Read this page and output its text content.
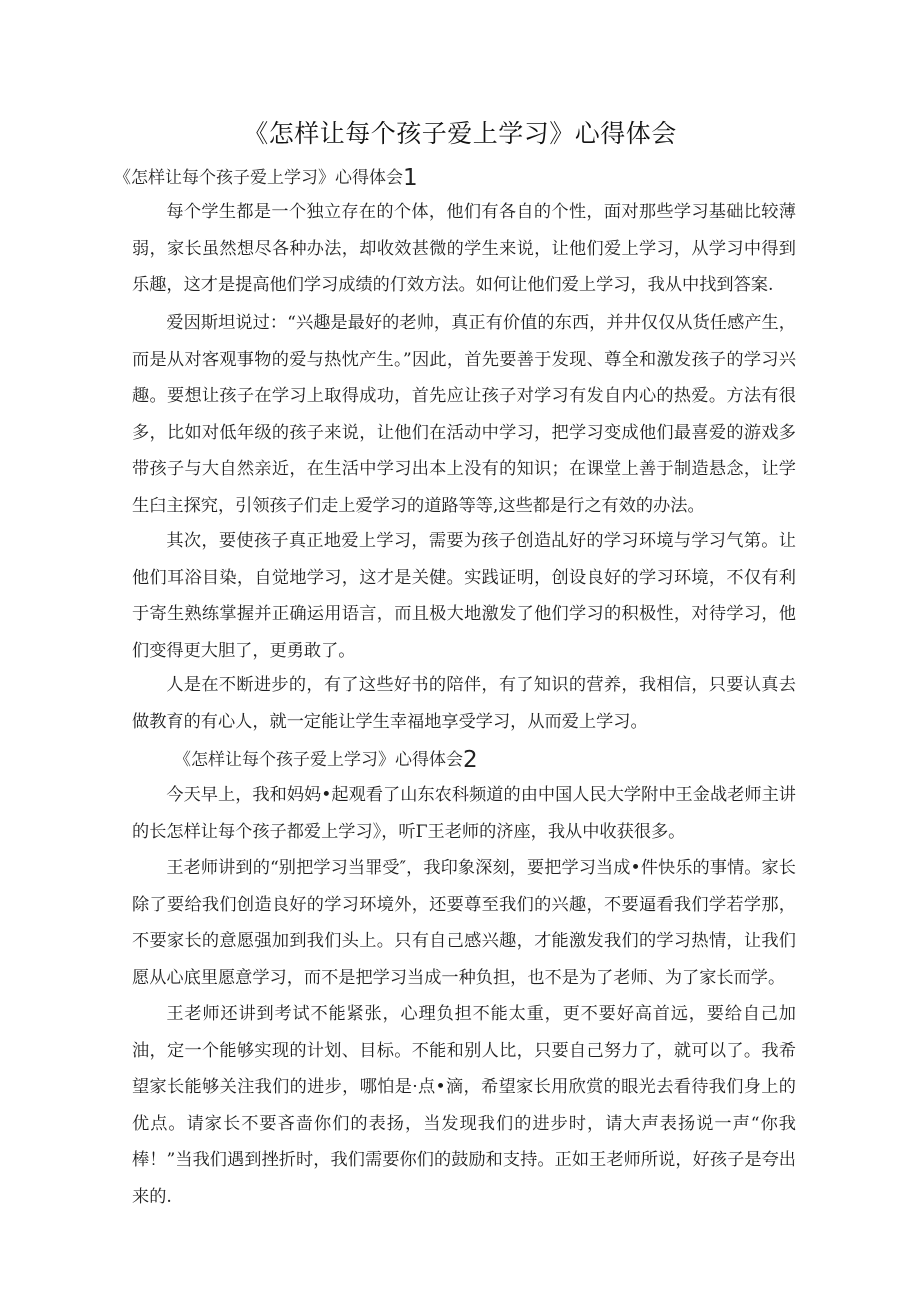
《怎样让每个孩子爱上学习》心得体会
《怎样让每个孩子爱上学习》心得体会1

每个学生都是一个独立存在的个体，他们有各自的个性，面对那些学习基础比较薄弱，家长虽然想尽各种办法，却收效甚微的学生来说，让他们爱上学习，从学习中得到乐趣，这才是提高他们学习成绩的仃效方法。如何让他们爱上学习，我从中找到答案.

爱因斯坦说过：“兴趣是最好的老帅，真正有价值的东西，并井仅仅从货任感产生，而是从对客观事物的爱与热忱产生。”因此，首先要善于发现、尊全和激发孩子的学习兴趣。要想让孩子在学习上取得成功，首先应让孩子对学习有发自内心的热爱。方法有很多，比如对低年级的孩子来说，让他们在活动中学习，把学习变成他们最喜爱的游戏多带孩子与大自然亲近，在生活中学习出本上没有的知识；在课堂上善于制造悬念，让学生臼主探究，引领孩子们走上爱学习的道路等等,这些都是行之有效的办法。

其次，要使孩子真正地爱上学习，需要为孩子创造乩好的学习环境与学习气第。让他们耳浴目染，自觉地学习，这才是关健。实践证明，创设良好的学习环境，不仅有利于寄生熟练掌握并正确运用语言，而且极大地激发了他们学习的积极性，对待学习，他们变得更大胆了，更勇敢了。

人是在不断进步的，有了这些好书的陪伴，有了知识的营养，我相信，只要认真去做教育的有心人，就一定能让学生幸福地享受学习，从而爱上学习。

《怎样让每个孩子爱上学习》心得体会2

今天早上，我和妈妈•起观看了山东农科频道的由中国人民大学附中王金战老师主讲的长怎样让每个孩子都爱上学习》，听Γ王老师的济座，我从中收获很多。

王老师讲到的“别把学习当罪受″，我印象深刻，要把学习当成•件快乐的事情。家长除了要给我们创造良好的学习环境外，还要尊至我们的兴趣，不要逼看我们学若学那，不要家长的意愿强加到我们头上。只有自己感兴趣，才能激发我们的学习热情，让我们愿从心底里愿意学习，而不是把学习当成一种负担，也不是为了老师、为了家长而学。

王老师还讲到考试不能紧张，心理负担不能太重，更不要好高首远，要给自己加油，定一个能够实现的计划、目标。不能和别人比，只要自己努力了，就可以了。我希望家长能够关注我们的进步，哪怕是·点•滴，希望家长用欣赏的眼光去看待我们身上的优点。请家长不要吝啬你们的表扬，当发现我们的进步时，请大声表扬说一声“你我棒！”当我们遇到挫折时，我们需要你们的鼓励和支持。正如王老师所说，好孩子是夸出来的.
